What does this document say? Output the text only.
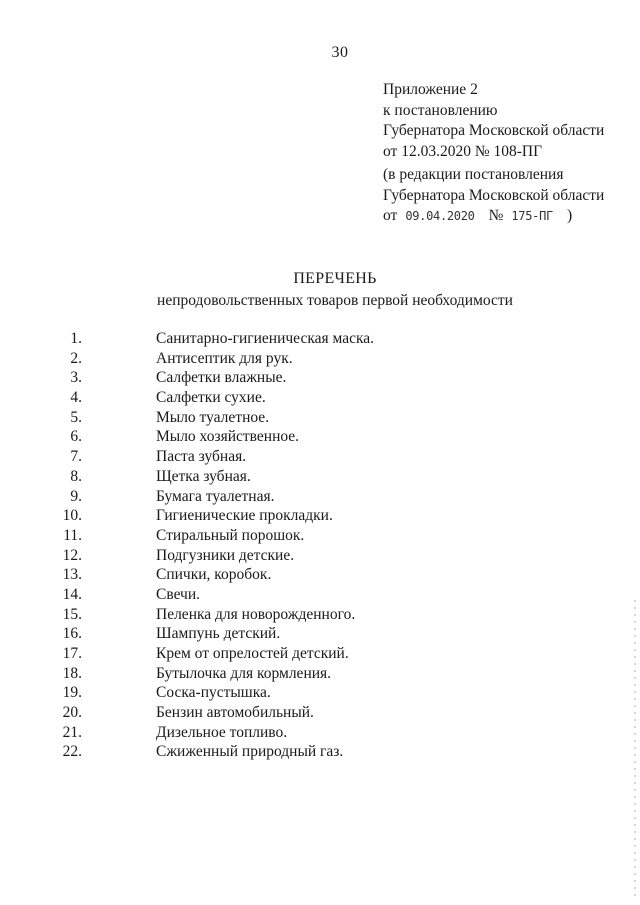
30
Приложение 2
к постановлению
Губернатора Московской области
от 12.03.2020 № 108-ПГ
(в редакции постановления
Губернатора Московской области
от 09.04.2020 № 175-ПГ )
ПЕРЕЧЕНЬ
непродовольственных товаров первой необходимости
1.	Санитарно-гигиеническая маска.
2.	Антисептик для рук.
3.	Салфетки влажные.
4.	Салфетки сухие.
5.	Мыло туалетное.
6.	Мыло хозяйственное.
7.	Паста зубная.
8.	Щетка зубная.
9.	Бумага туалетная.
10.	Гигиенические прокладки.
11.	Стиральный порошок.
12.	Подгузники детские.
13.	Спички, коробок.
14.	Свечи.
15.	Пеленка для новорожденного.
16.	Шампунь детский.
17.	Крем от опрелостей детский.
18.	Бутылочка для кормления.
19.	Соска-пустышка.
20.	Бензин автомобильный.
21.	Дизельное топливо.
22.	Сжиженный природный газ.
